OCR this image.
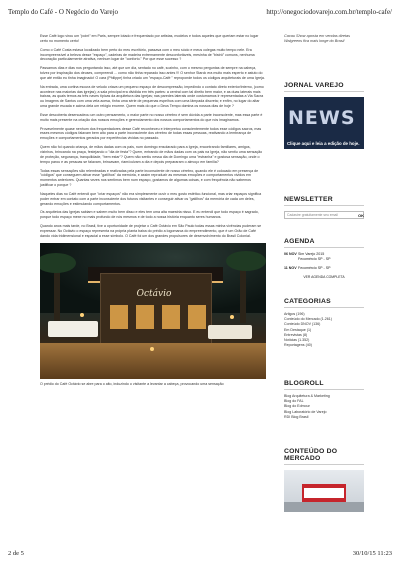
Templo do Café - O Negócio do Varejo	http://onegociodovarejo.com.br/templo-cafe/

Esse Café logo virou um "point" em Paris, sempre lotado e frequentado por artistas, modelos e todos aqueles que queriam estar no lugar certo no momento certo!

Como o Café Costa estava localizado bem perto do meu escritório, passava com o meu sócio e meus colegas muito tempo nele. Era incompreensível a beleza desse "espaço", cadeiras de madeira extremamente desconfortáveis, mesinha de "bistrô" comuns, nenhuma decoração particularmente atrativa, nenhum lugar de "conforto." Por que esse sucesso ?

Passamos dias e dias nos perguntando isso, até que um dia, sentado no café, sozinho, com o mesmo perguntas de sempre na cabeça, tolvez por inspiração dos deuses, compreendi ... como não tinha reparado isso antes !!! O senhor Starck era muito mais esperto e astuto do que até então eu tinha imaginado! O cara (Philippe) tinha criado um "espaço-Café " reproponde todos os códigos arquiteturais de uma Igreja.

Na entrada, uma cortina escura de veludo criava um pequeno espaço de descompressão, impedindo o contato direto exterior/interno, (como acontece nas maiorias das igrejas); a sala principal era dividida em três partes: a central com tal direito bem maior, e as duas laterais mais baixas, as quais temos as três naves típicas da arquitetura das igrejas; nas paredes laterais onde costumamos ir representadas a Via Sacra ou Imagens de Santos com uma vela acesa, tinha uma série de pequenas espelhos com uma lâmpada discreta; e enfim, no lugar do altar uma grande escada e acima dela um relógio enorme. Quem mais do que o Deus Tempo domina os nossos dias de hoje ?

Esse descoberta desencadeou um outro pensamento, o maior parte no nosso cérebro é sem dúvida a parte inconsciente, mas essa parte é muito mais presente na criação dos nossos emoções e gerenciamento dos nossos comportamentos do que nós imaginamos.

Provavelmente quase nenhum dos frequentadores desse Café reconheceu e interpretou conscientemente todos esse códigos sacros, mas esses mesmos códigos falavam bem alto para a parte inconsciente dos cérebro de todas essas pessoas, reativando a lembrança de emoções e comportamentos gerados por experiências vividas no passado.

Quem não foi quando criança, de mãos dadas com os pais, num domingo ensolarado para a Igreja, encontrando familiares, amigos, vizinhos, brincando na praça, festejando o "dia de festa"? Quem, entrando de mãos dadas com os pais na Igreja, não sentiu uma sensação de proteção, segurança, tranquilidade, "bem estar"? Quem não sentiu nessa dia de Domingo uma "estranha" e gostosa sensação, onde o tempo parou e as pessoas se falavam, brincavam, riam/culvam a dia e depois prepararam o almoço em família?

Todas essas sensações são relembradas e reativadas pela parte inconsciente de nosso cérebro, quando ele é colocado em presença de "códigos" que conseguem ativar esse "gatilhos" da memória, e assim reproduzir as mesmas emoções e comportamentos vividos em momentos anteriores. Quantas vezes nos sentimos bem num espaço, gostamos de algumas coisas, e com frequência não sabemos justificar o porque ?

Naqueles dias no Café entendi que "criar espaços" não era simplesmente ouvir o meu gosto estético-funcional, mas criar espaços significa poder entrar em contato com a parte inconsciente dos futuros visitantes e conseguir ativar os "gatilhos" da memória de cada um deles, gerando emoções e estimulando comportamentos.

Os arquitetos das Igrejas sabiam e sabem muito bem disso e eles tem uma alta maestria nisso. E eu entendi que todo espaço é sagrado, porque todo espaço mexe no mais profundo de nós mesmos e de todo a nossa história enquanto seres humanos.

Quando anos mais tarde, no Brasil, tive a oportunidade de projetar o Café Octávio em São Paulo todas essas minha vivências puderam se expressar. No Octávio o espaço representa na própria planta baixa do prédio a logomarca do empreendimento, que é um Grão de Café dando vida tridimensional e espacial a esse símbolo. O Café foi um dos grandes propulsores de desenvolvimento do Brasil Colonial.

Octávio

O prédio do Café Octávio se abre para o alto, induzindo o visitante a levantar a cabeça, provocando uma sensação

Cacau Show aposta em vendas diretas
Walgreens fica mais longe do Brasil
JORNAL VAREJO
NEWS
Clique aqui e leia a edição de hoje.
NEWSLETTER
Cadastre gratuitamente seu email	OK
AGENDA
06 NOVSim Varejo 2015
Fecomércio SP - SP
11 NOVFecomércio SP - SP
VER AGENDA COMPLETA
CATEGORIAS
Artigos (196)
Conteúdo do Mercado (1.261)
Conteúdo DNOV (136)
Em Destaque (1)
Entrevistas (8)
Notícias (1.352)
Reportagens (40)
BLOGROLL
Blog Arquitetura & Marketing
Blog do FAL
Blog do Edmour
Blog Laboratório de Varejo
RDI Blog Brasil
CONTEÚDO DO MERCADO
2 de 5	30/10/15 11:23
